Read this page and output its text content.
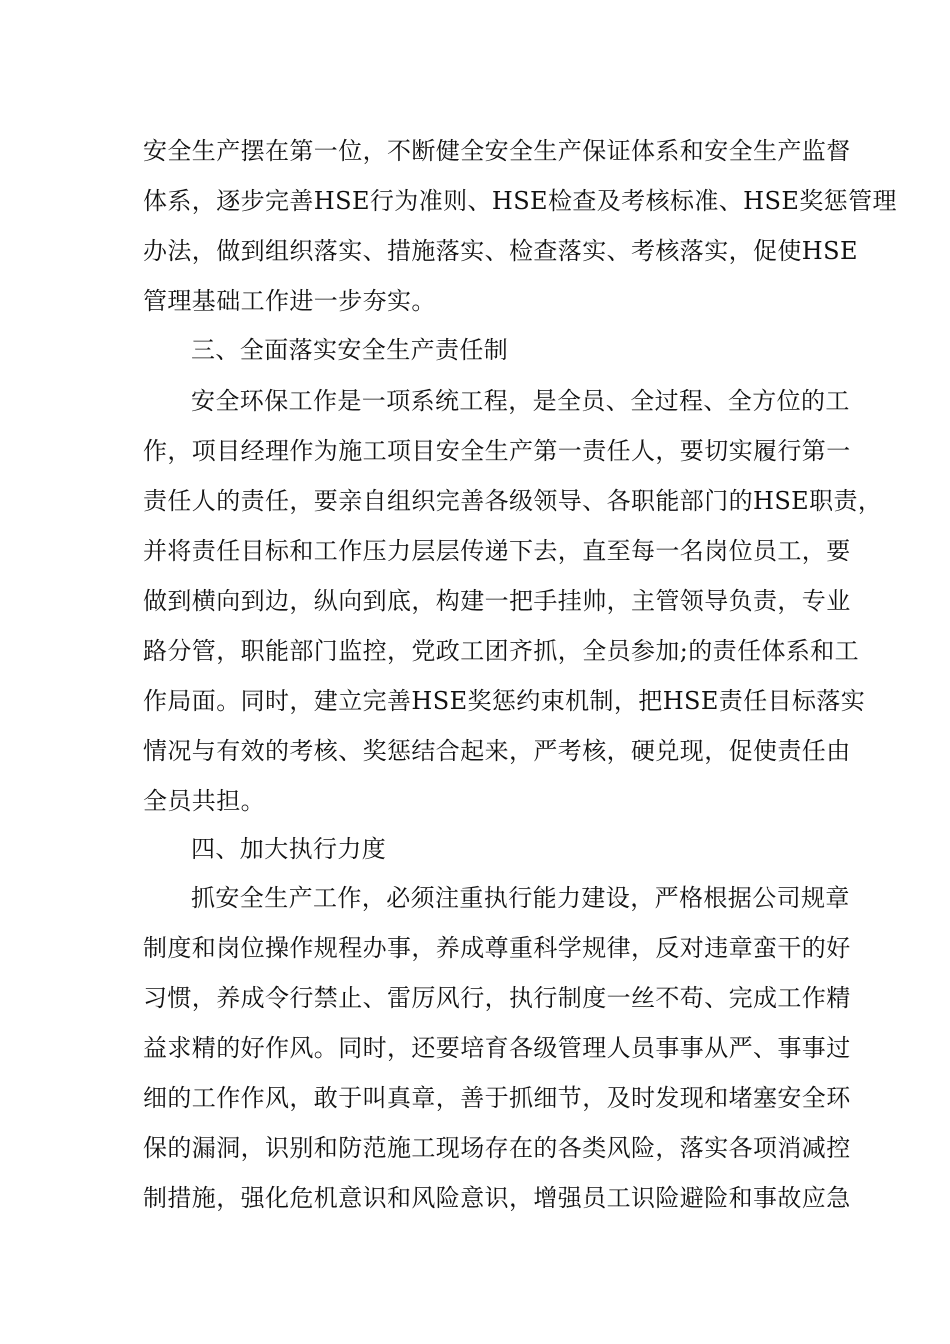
安全生产摆在第一位，不断健全安全生产保证体系和安全生产监督
体系，逐步完善HSE行为准则、HSE检查及考核标准、HSE奖惩管理
办法，做到组织落实、措施落实、检查落实、考核落实，促使HSE
管理基础工作进一步夯实。
三、全面落实安全生产责任制
安全环保工作是一项系统工程，是全员、全过程、全方位的工
作，项目经理作为施工项目安全生产第一责任人，要切实履行第一
责任人的责任，要亲自组织完善各级领导、各职能部门的HSE职责，
并将责任目标和工作压力层层传递下去，直至每一名岗位员工，要
做到横向到边，纵向到底，构建一把手挂帅，主管领导负责，专业
路分管，职能部门监控，党政工团齐抓，全员参加;的责任体系和工
作局面。同时，建立完善HSE奖惩约束机制，把HSE责任目标落实
情况与有效的考核、奖惩结合起来，严考核，硬兑现，促使责任由
全员共担。
四、加大执行力度
抓安全生产工作，必须注重执行能力建设，严格根据公司规章
制度和岗位操作规程办事，养成尊重科学规律，反对违章蛮干的好
习惯，养成令行禁止、雷厉风行，执行制度一丝不苟、完成工作精
益求精的好作风。同时，还要培育各级管理人员事事从严、事事过
细的工作作风，敢于叫真章，善于抓细节，及时发现和堵塞安全环
保的漏洞，识别和防范施工现场存在的各类风险，落实各项消减控
制措施，强化危机意识和风险意识，增强员工识险避险和事故应急
